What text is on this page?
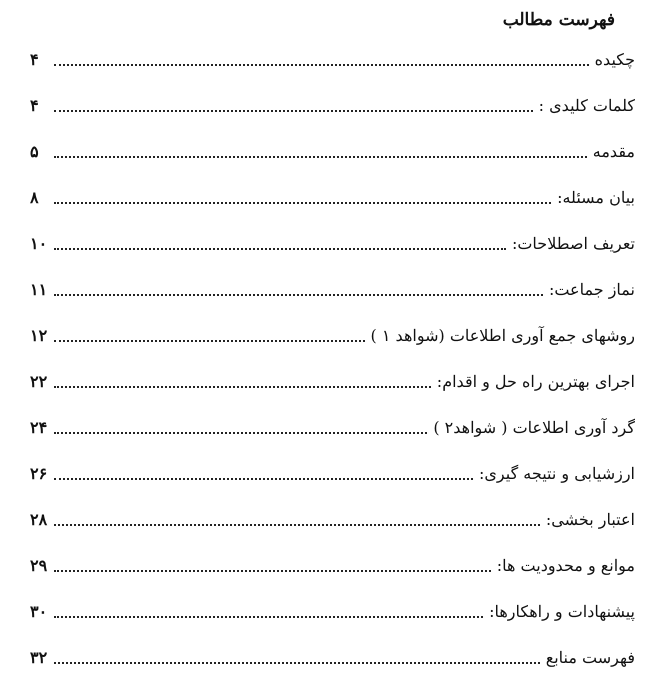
فهرست مطالب
۴	چکیده
۴	کلمات کلیدی :
۵	مقدمه
۸	بیان مسئله:
۱۰	تعریف اصطلاحات:
۱۱	نماز جماعت:
۱۲	روشهای جمع آوری اطلاعات (شواهد ۱ )
۲۲	اجرای بهترین راه حل و اقدام:
۲۴	گرد آوری اطلاعات ( شواهد۲ )
۲۶	ارزشیابی و نتیجه گیری:
۲۸	اعتبار بخشی:
۲۹	موانع و محدودیت ها:
۳۰	پیشنهادات و راهکارها:
۳۲	فهرست منابع
